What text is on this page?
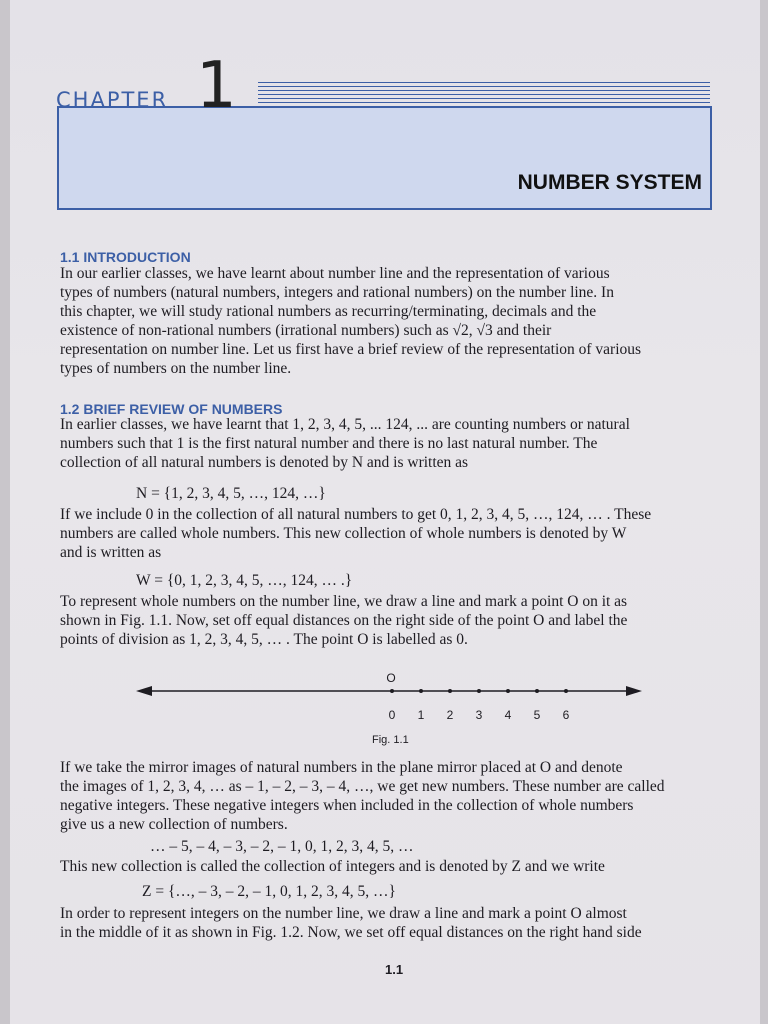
CHAPTER 1
NUMBER SYSTEM
1.1 INTRODUCTION
In our earlier classes, we have learnt about number line and the representation of various
types of numbers (natural numbers, integers and rational numbers) on the number line. In
this chapter, we will study rational numbers as recurring/terminating, decimals and the
existence of non-rational numbers (irrational numbers) such as √2, √3 and their
representation on number line. Let us first have a brief review of the representation of various
types of numbers on the number line.
1.2 BRIEF REVIEW OF NUMBERS
In earlier classes, we have learnt that 1, 2, 3, 4, 5, ... 124, ... are counting numbers or natural
numbers such that 1 is the first natural number and there is no last natural number. The
collection of all natural numbers is denoted by N and is written as
N = {1, 2, 3, 4, 5, …, 124, …}
If we include 0 in the collection of all natural numbers to get 0, 1, 2, 3, 4, 5, …, 124, … . These
numbers are called whole numbers. This new collection of whole numbers is denoted by W
and is written as
W = {0, 1, 2, 3, 4, 5, …, 124, … .}
To represent whole numbers on the number line, we draw a line and mark a point O on it as
shown in Fig. 1.1. Now, set off equal distances on the right side of the point O and label the
points of division as 1, 2, 3, 4, 5, … . The point O is labelled as 0.
O
0 1 2 3 4 5 6
Fig. 1.1
If we take the mirror images of natural numbers in the plane mirror placed at O and denote
the images of 1, 2, 3, 4, … as – 1, – 2, – 3, – 4, …, we get new numbers. These number are called
negative integers. These negative integers when included in the collection of whole numbers
give us a new collection of numbers.
… – 5, – 4, – 3, – 2, – 1, 0, 1, 2, 3, 4, 5, …
This new collection is called the collection of integers and is denoted by Z and we write
Z = {…, – 3, – 2, – 1, 0, 1, 2, 3, 4, 5, …}
In order to represent integers on the number line, we draw a line and mark a point O almost
in the middle of it as shown in Fig. 1.2. Now, we set off equal distances on the right hand side
1.1
